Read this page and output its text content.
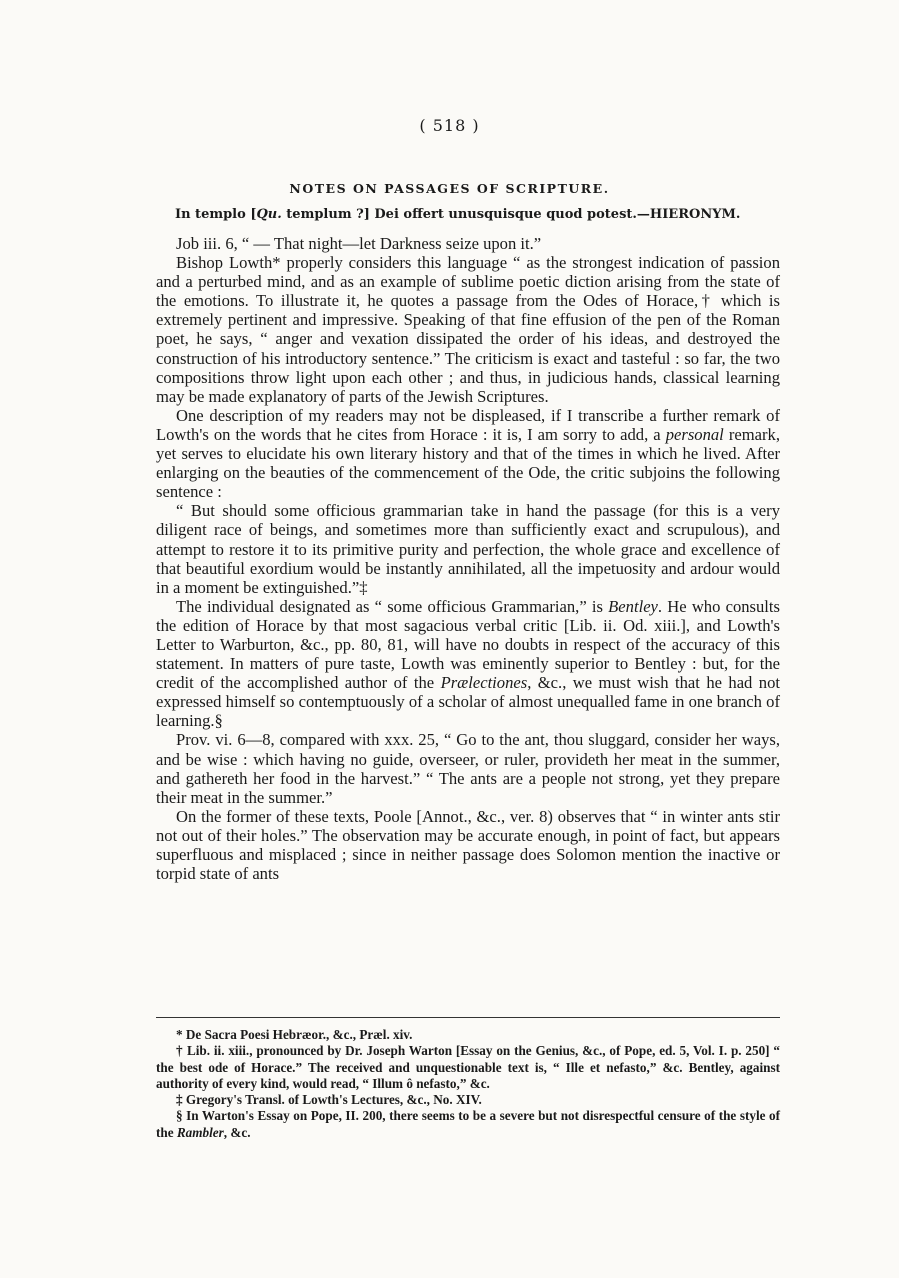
( 518 )
NOTES ON PASSAGES OF SCRIPTURE.
In templo [Qu. templum ?] Dei offert unusquisque quod potest.—HIERONYM.

Job iii. 6, “ — That night—let Darkness seize upon it.”

Bishop Lowth* properly considers this language “ as the strongest indication of passion and a perturbed mind, and as an example of sublime poetic diction arising from the state of the emotions. To illustrate it, he quotes a passage from the Odes of Horace,† which is extremely pertinent and impressive. Speaking of that fine effusion of the pen of the Roman poet, he says, “ anger and vexation dissipated the order of his ideas, and destroyed the construction of his introductory sentence.” The criticism is exact and tasteful : so far, the two compositions throw light upon each other ; and thus, in judicious hands, classical learning may be made explanatory of parts of the Jewish Scriptures.

One description of my readers may not be displeased, if I transcribe a further remark of Lowth's on the words that he cites from Horace : it is, I am sorry to add, a personal remark, yet serves to elucidate his own literary history and that of the times in which he lived. After enlarging on the beauties of the commencement of the Ode, the critic subjoins the following sentence :

“ But should some officious grammarian take in hand the passage (for this is a very diligent race of beings, and sometimes more than sufficiently exact and scrupulous), and attempt to restore it to its primitive purity and perfection, the whole grace and excellence of that beautiful exordium would be instantly annihilated, all the impetuosity and ardour would in a moment be extinguished.”‡

The individual designated as “ some officious Grammarian,” is Bentley. He who consults the edition of Horace by that most sagacious verbal critic [Lib. ii. Od. xiii.], and Lowth's Letter to Warburton, &c., pp. 80, 81, will have no doubts in respect of the accuracy of this statement. In matters of pure taste, Lowth was eminently superior to Bentley : but, for the credit of the accomplished author of the Prælectiones, &c., we must wish that he had not expressed himself so contemptuously of a scholar of almost unequalled fame in one branch of learning.§

Prov. vi. 6—8, compared with xxx. 25, “ Go to the ant, thou sluggard, consider her ways, and be wise : which having no guide, overseer, or ruler, provideth her meat in the summer, and gathereth her food in the harvest.” “ The ants are a people not strong, yet they prepare their meat in the summer.”

On the former of these texts, Poole [Annot., &c., ver. 8) observes that “ in winter ants stir not out of their holes.” The observation may be accurate enough, in point of fact, but appears superfluous and misplaced ; since in neither passage does Solomon mention the inactive or torpid state of ants

* De Sacra Poesi Hebræor., &c., Præl. xiv.

† Lib. ii. xiii., pronounced by Dr. Joseph Warton [Essay on the Genius, &c., of Pope, ed. 5, Vol. I. p. 250] “ the best ode of Horace.” The received and unquestionable text is, “ Ille et nefasto,” &c. Bentley, against authority of every kind, would read, “ Illum ô nefasto,” &c.

‡ Gregory's Transl. of Lowth's Lectures, &c., No. XIV.

§ In Warton's Essay on Pope, II. 200, there seems to be a severe but not disrespectful censure of the style of the Rambler, &c.
